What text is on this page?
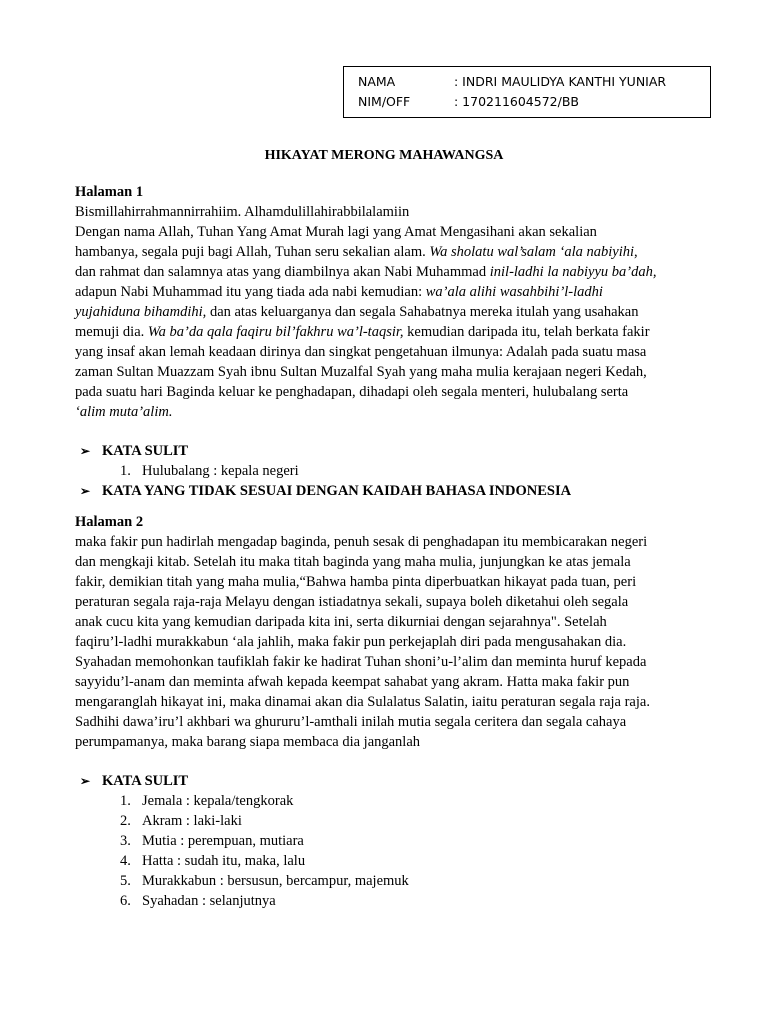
NAMA	: INDRI MAULIDYA KANTHI YUNIAR
NIM/OFF	: 170211604572/BB
HIKAYAT MERONG MAHAWANGSA

Halaman 1

Bismillahirrahmannirrahiim. Alhamdulillahirabbilalamiin

Dengan nama Allah, Tuhan Yang Amat Murah lagi yang Amat Mengasihani akan sekalian

hambanya, segala puji bagi Allah, Tuhan seru sekalian alam. Wa sholatu wal’salam ‘ala nabiyihi,

dan rahmat dan salamnya atas yang diambilnya akan Nabi Muhammad inil-ladhi la nabiyyu ba’dah,

adapun Nabi Muhammad itu yang tiada ada nabi kemudian: wa’ala alihi wasahbihi’l-ladhi

yujahiduna bihamdihi, dan atas keluarganya dan segala Sahabatnya mereka itulah yang usahakan

memuji dia. Wa ba’da qala faqiru bil’fakhru wa’l-taqsir, kemudian daripada itu, telah berkata fakir

yang insaf akan lemah keadaan dirinya dan singkat pengetahuan ilmunya: Adalah pada suatu masa

zaman Sultan Muazzam Syah ibnu Sultan Muzalfal Syah yang maha mulia kerajaan negeri Kedah,

pada suatu hari Baginda keluar ke penghadapan, dihadapi oleh segala menteri, hulubalang serta

‘alim muta’alim.

➢ KATA SULIT

1. Hulubalang : kepala negeri

➢ KATA YANG TIDAK SESUAI DENGAN KAIDAH BAHASA INDONESIA

Halaman 2

maka fakir pun hadirlah mengadap baginda, penuh sesak di penghadapan itu membicarakan negeri

dan mengkaji kitab. Setelah itu maka titah baginda yang maha mulia, junjungkan ke atas jemala

fakir, demikian titah yang maha mulia,“Bahwa hamba pinta diperbuatkan hikayat pada tuan, peri

peraturan segala raja-raja Melayu dengan istiadatnya sekali, supaya boleh diketahui oleh segala

anak cucu kita yang kemudian daripada kita ini, serta dikurniai dengan sejarahnya". Setelah

faqiru’l-ladhi murakkabun ‘ala jahlih, maka fakir pun perkejaplah diri pada mengusahakan dia.

Syahadan memohonkan taufiklah fakir ke hadirat Tuhan shoni’u-l’alim dan meminta huruf kepada

sayyidu’l-anam dan meminta afwah kepada keempat sahabat yang akram. Hatta maka fakir pun

mengaranglah hikayat ini, maka dinamai akan dia Sulalatus Salatin, iaitu peraturan segala raja raja.

Sadhihi dawa’iru’l akhbari wa ghururu’l-amthali inilah mutia segala ceritera dan segala cahaya

perumpamanya, maka barang siapa membaca dia janganlah

➢ KATA SULIT

1. Jemala : kepala/tengkorak

2. Akram : laki-laki

3. Mutia : perempuan, mutiara

4. Hatta : sudah itu, maka, lalu

5. Murakkabun : bersusun, bercampur, majemuk

6. Syahadan : selanjutnya
